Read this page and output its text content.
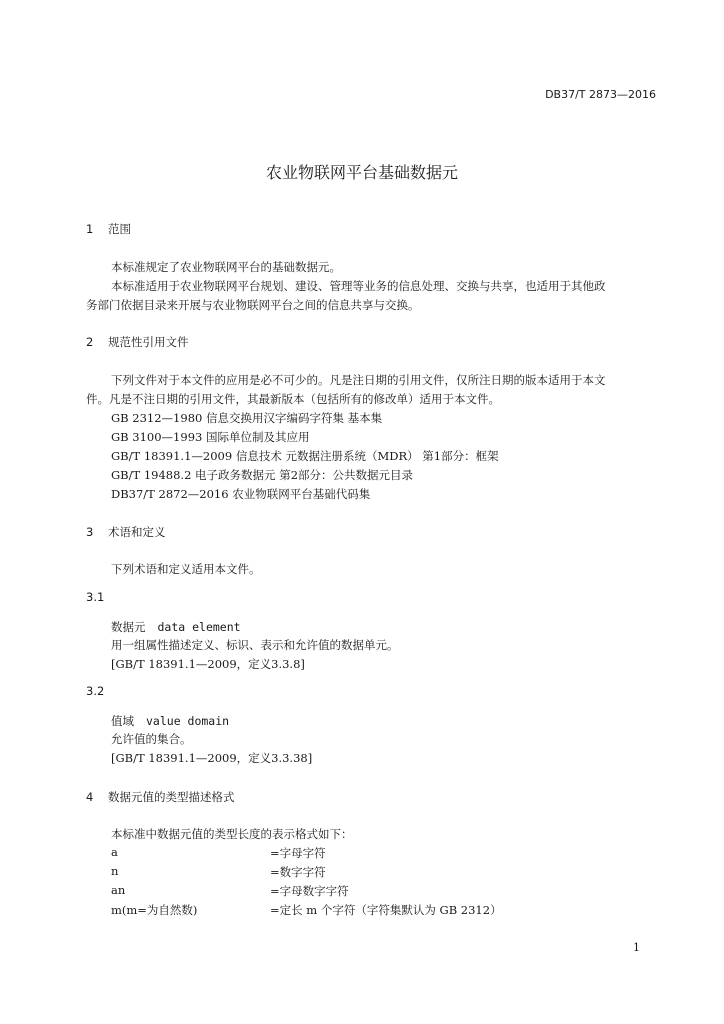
DB37/T 2873—2016
农业物联网平台基础数据元
1 范围
本标准规定了农业物联网平台的基础数据元。
本标准适用于农业物联网平台规划、建设、管理等业务的信息处理、交换与共享，也适用于其他政
务部门依据目录来开展与农业物联网平台之间的信息共享与交换。
2 规范性引用文件
下列文件对于本文件的应用是必不可少的。凡是注日期的引用文件，仅所注日期的版本适用于本文
件。凡是不注日期的引用文件，其最新版本（包括所有的修改单）适用于本文件。
GB 2312—1980 信息交换用汉字编码字符集 基本集
GB 3100—1993 国际单位制及其应用
GB/T 18391.1—2009 信息技术 元数据注册系统（MDR） 第1部分：框架
GB/T 19488.2 电子政务数据元 第2部分：公共数据元目录
DB37/T 2872—2016 农业物联网平台基础代码集
3 术语和定义
下列术语和定义适用本文件。
3.1
数据元 data element
用一组属性描述定义、标识、表示和允许值的数据单元。
[GB/T 18391.1—2009，定义3.3.8]
3.2
值域 value domain
允许值的集合。
[GB/T 18391.1—2009，定义3.3.38]
4 数据元值的类型描述格式
本标准中数据元值的类型长度的表示格式如下：
a	=字母字符
n	=数字字符
an	=字母数字字符
m(m=为自然数)	=定长 m 个字符（字符集默认为 GB 2312）
1
